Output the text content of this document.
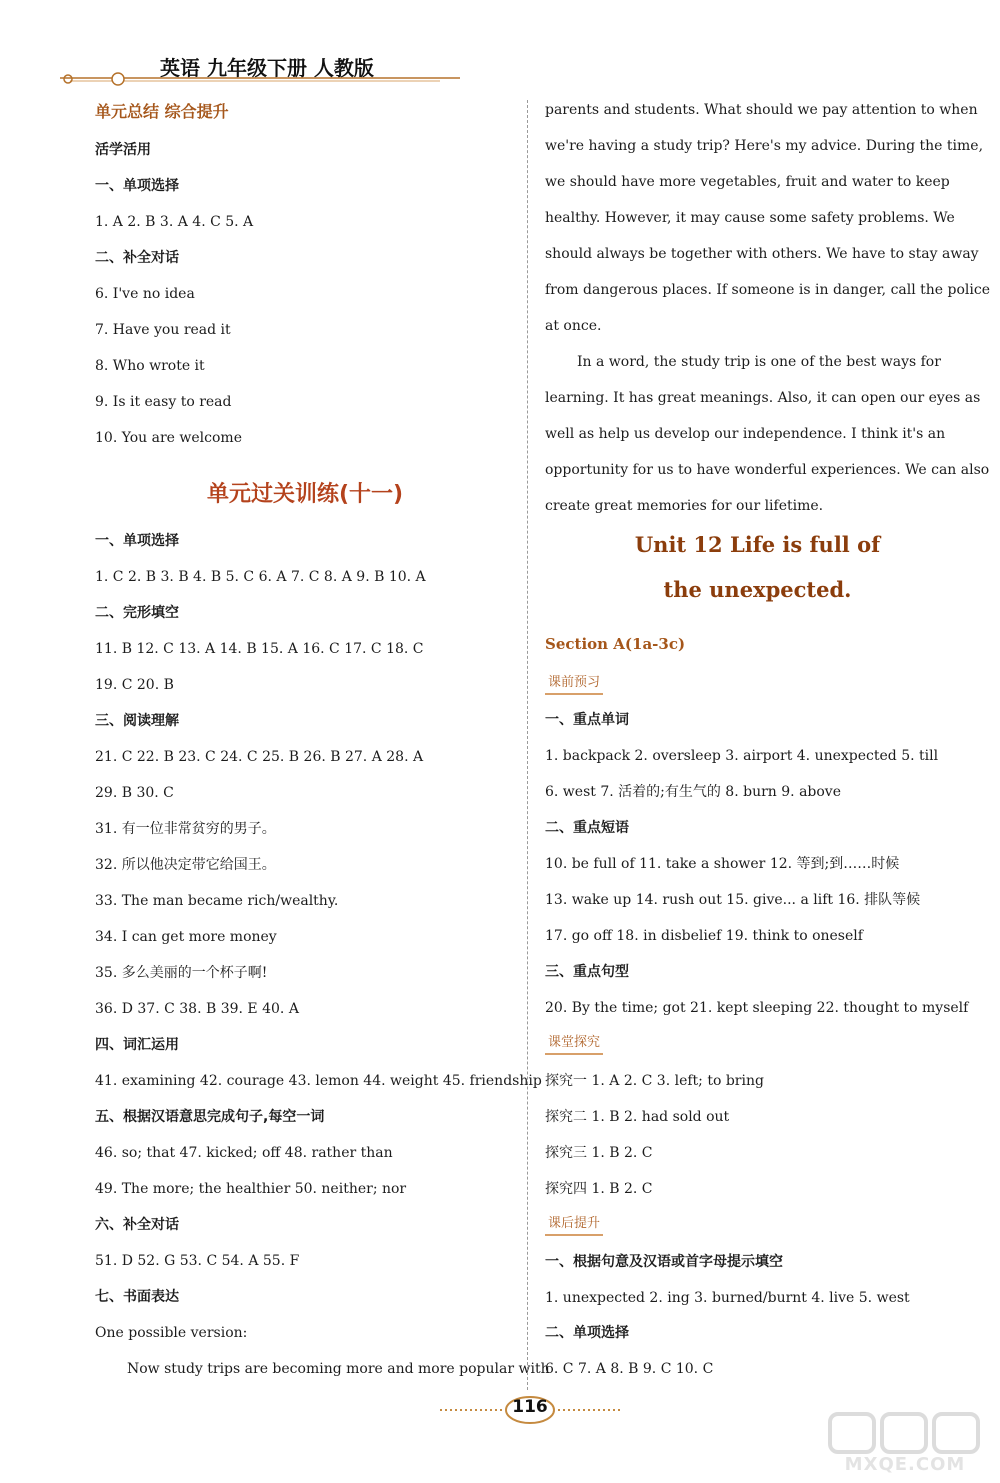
英语 九年级下册 人教版
单元总结 综合提升
活学活用
一、单项选择
1. A 2. B 3. A 4. C 5. A
二、补全对话
6. I've no idea
7. Have you read it
8. Who wrote it
9. Is it easy to read
10. You are welcome
一、单项选择
1. C 2. B 3. B 4. B 5. C 6. A 7. C 8. A 9. B 10. A
二、完形填空
11. B 12. C 13. A 14. B 15. A 16. C 17. C 18. C
19. C 20. B
三、阅读理解
21. C 22. B 23. C 24. C 25. B 26. B 27. A 28. A
29. B 30. C
31. 有一位非常贫穷的男子。
32. 所以他决定带它给国王。
33. The man became rich/wealthy.
34. I can get more money
35. 多么美丽的一个杯子啊!
36. D 37. C 38. B 39. E 40. A
四、词汇运用
41. examining 42. courage 43. lemon 44. weight 45. friendship
五、根据汉语意思完成句子,每空一词
46. so; that 47. kicked; off 48. rather than
49. The more; the healthier 50. neither; nor
六、补全对话
51. D 52. G 53. C 54. A 55. F
七、书面表达
One possible version:
Now study trips are becoming more and more popular with
单元过关训练(十一)
parents and students. What should we pay attention to when
we're having a study trip? Here's my advice. During the time,
we should have more vegetables, fruit and water to keep
healthy. However, it may cause some safety problems. We
should always be together with others. We have to stay away
from dangerous places. If someone is in danger, call the police
at once.
In a word, the study trip is one of the best ways for
learning. It has great meanings. Also, it can open our eyes as
well as help us develop our independence. I think it's an
opportunity for us to have wonderful experiences. We can also
create great memories for our lifetime.
Section A(1a-3c)
课前预习
一、重点单词
1. backpack 2. oversleep 3. airport 4. unexpected 5. till
6. west 7. 活着的;有生气的 8. burn 9. above
二、重点短语
10. be full of 11. take a shower 12. 等到;到……时候
13. wake up 14. rush out 15. give... a lift 16. 排队等候
17. go off 18. in disbelief 19. think to oneself
三、重点句型
20. By the time; got 21. kept sleeping 22. thought to myself
课堂探究
探究一 1. A 2. C 3. left; to bring
探究二 1. B 2. had sold out
探究三 1. B 2. C
探究四 1. B 2. C
课后提升
一、根据句意及汉语或首字母提示填空
1. unexpected 2. ing 3. burned/burnt 4. live 5. west
二、单项选择
6. C 7. A 8. B 9. C 10. C
Unit 12 Life is full of
the unexpected.
116
MXQE.COM
